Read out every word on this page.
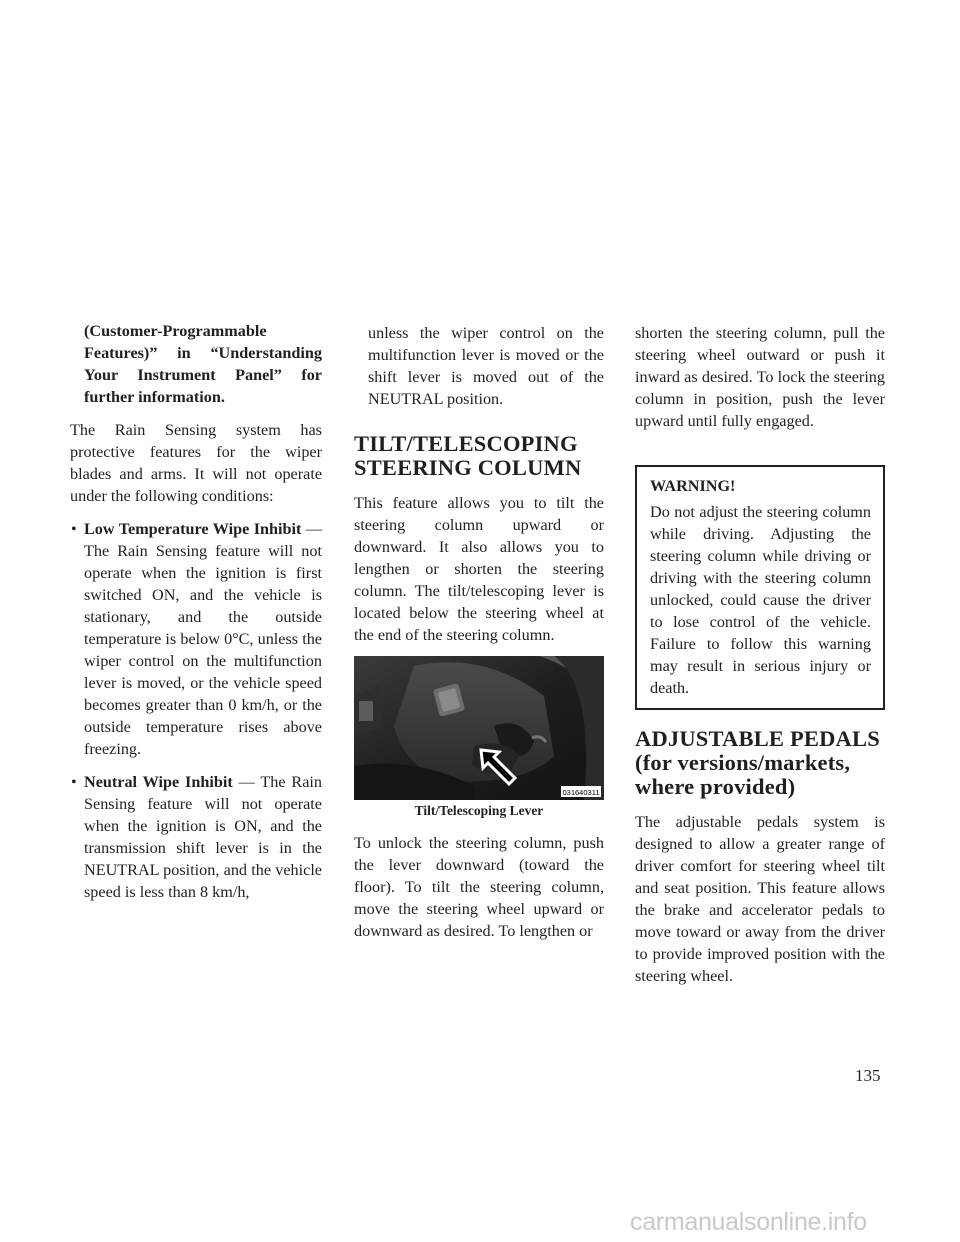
(Customer-Programmable Features)” in “Understanding Your Instrument Panel” for further information.

The Rain Sensing system has protective features for the wiper blades and arms. It will not operate under the following conditions:

• Low Temperature Wipe Inhibit — The Rain Sensing feature will not operate when the ignition is first switched ON, and the vehicle is stationary, and the outside temperature is below 0°C, unless the wiper control on the multifunction lever is moved, or the vehicle speed becomes greater than 0 km/h, or the outside temperature rises above freezing.
• Neutral Wipe Inhibit — The Rain Sensing feature will not operate when the ignition is ON, and the transmission shift lever is in the NEUTRAL position, and the vehicle speed is less than 8 km/h,

unless the wiper control on the multifunction lever is moved or the shift lever is moved out of the NEUTRAL position.

TILT/TELESCOPING STEERING COLUMN

This feature allows you to tilt the steering column upward or downward. It also allows you to lengthen or shorten the steering column. The tilt/telescoping lever is located below the steering wheel at the end of the steering column.

031640311
Tilt/Telescoping Lever

To unlock the steering column, push the lever downward (toward the floor). To tilt the steering column, move the steering wheel upward or downward as desired. To lengthen or

shorten the steering column, pull the steering wheel outward or push it inward as desired. To lock the steering column in position, push the lever upward until fully engaged.

WARNING!

Do not adjust the steering column while driving. Adjusting the steering column while driving or driving with the steering column unlocked, could cause the driver to lose control of the vehicle. Failure to follow this warning may result in serious injury or death.

ADJUSTABLE PEDALS (for versions/markets, where provided)

The adjustable pedals system is designed to allow a greater range of driver comfort for steering wheel tilt and seat position. This feature allows the brake and accelerator pedals to move toward or away from the driver to provide improved position with the steering wheel.

135
carmanualsonline.info
